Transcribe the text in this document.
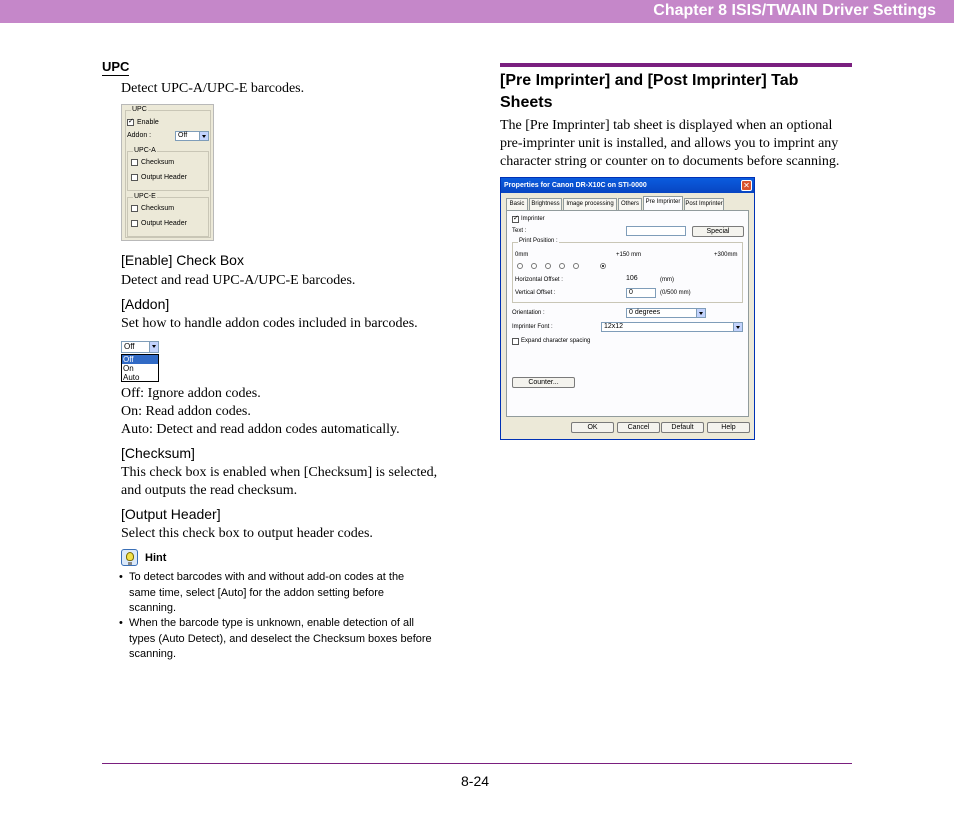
Chapter 8 ISIS/TWAIN Driver Settings
UPC
Detect UPC-A/UPC-E barcodes.
UPC
✓
Enable
Addon :	Off
UPC-A
Checksum
Output Header
UPC-E
Checksum
Output Header
[Enable] Check Box
Detect and read UPC-A/UPC-E barcodes.
[Addon]
Set how to handle addon codes included in barcodes.
Off
Off
On
Auto
Off: Ignore addon codes.
On: Read addon codes.
Auto: Detect and read addon codes automatically.
[Checksum]
This check box is enabled when [Checksum] is selected,
and outputs the read checksum.
[Output Header]
Select this check box to output header codes.
Hint
• To detect barcodes with and without add-on codes at the
same time, select [Auto] for the addon setting before
scanning.
• When the barcode type is unknown, enable detection of all
types (Auto Detect), and deselect the Checksum boxes before
scanning.
[Pre Imprinter] and [Post Imprinter] Tab
Sheets
The [Pre Imprinter] tab sheet is displayed when an optional
pre-imprinter unit is installed, and allows you to imprint any
character string or counter on to documents before scanning.
Properties for Canon DR-X10C on STI-0000	✕
Basic	Brightness	Image processing	Others	Pre Imprinter Post Imprinter
✓
Imprinter
Text :	Special
Print Position :
0mm	+150 mm	+300mm
Horizontal Offset :	106	(mm)
Vertical Offset :	0	(0/500 mm)
Orientation :	0 degrees
Imprinter Font :	12x12
Expand character spacing
Counter...
OK	Cancel	Default	Help
8-24
